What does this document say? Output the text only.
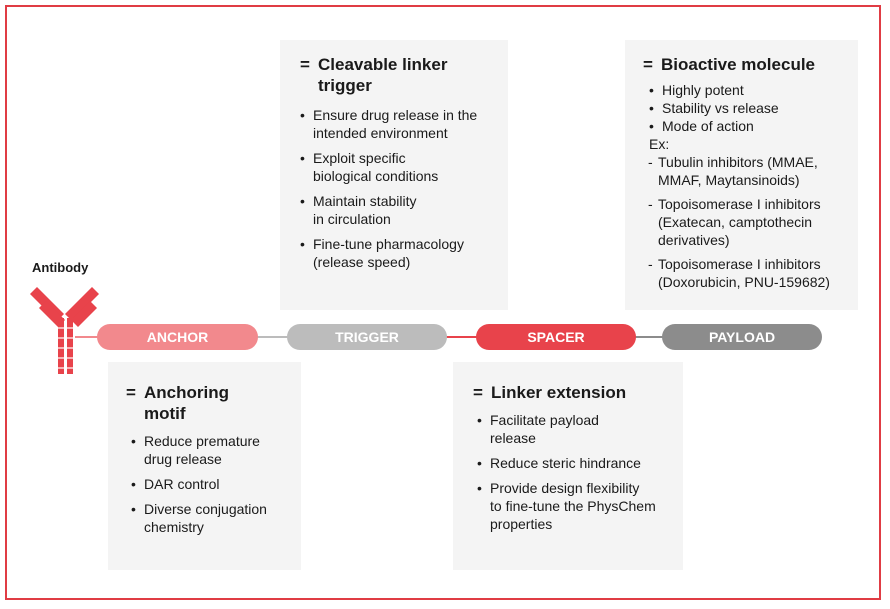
= Cleavable linker
trigger
• Ensure drug release in the
intended environment
• Exploit specific
biological conditions
• Maintain stability
in circulation
• Fine-tune pharmacology
(release speed)
= Bioactive molecule
• Highly potent
• Stability vs release
• Mode of action
Ex:
- Tubulin inhibitors (MMAE,
MMAF, Maytansinoids)
- Topoisomerase I inhibitors
(Exatecan, camptothecin
derivatives)
- Topoisomerase I inhibitors
(Doxorubicin, PNU-159682)
= Anchoring
motif
• Reduce premature
drug release
• DAR control
• Diverse conjugation
chemistry
= Linker extension
• Facilitate payload
release
• Reduce steric hindrance
• Provide design flexibility
to fine-tune the PhysChem
properties
ANCHOR	TRIGGER	SPACER	PAYLOAD
Antibody
